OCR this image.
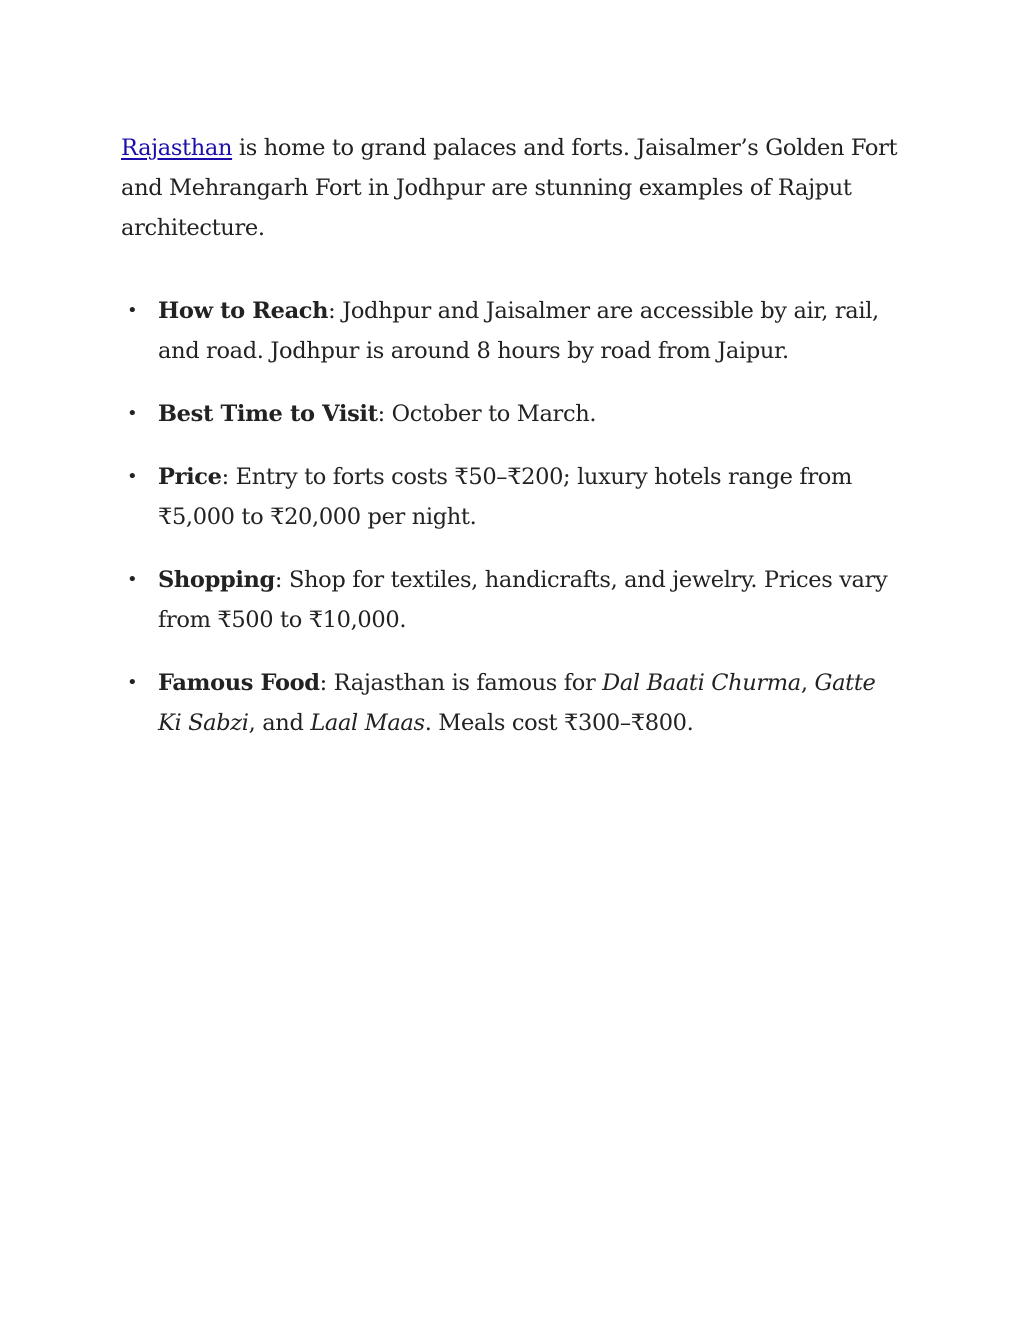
Rajasthan is home to grand palaces and forts. Jaisalmer’s Golden Fort and Mehrangarh Fort in Jodhpur are stunning examples of Rajput architecture.

• How to Reach: Jodhpur and Jaisalmer are accessible by air, rail, and road. Jodhpur is around 8 hours by road from Jaipur.
• Best Time to Visit: October to March.
• Price: Entry to forts costs ₹50–₹200; luxury hotels range from ₹5,000 to ₹20,000 per night.
• Shopping: Shop for textiles, handicrafts, and jewelry. Prices vary from ₹500 to ₹10,000.
• Famous Food: Rajasthan is famous for Dal Baati Churma, Gatte Ki Sabzi, and Laal Maas. Meals cost ₹300–₹800.
